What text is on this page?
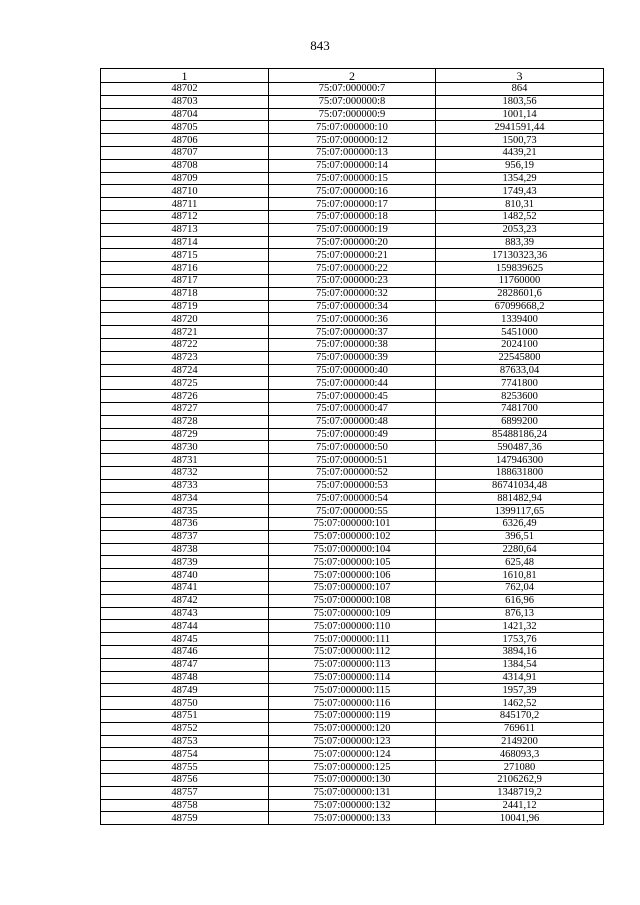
843
1	2	3
48702	75:07:000000:7	864
48703	75:07:000000:8	1803,56
48704	75:07:000000:9	1001,14
48705	75:07:000000:10	2941591,44
48706	75:07:000000:12	1500,73
48707	75:07:000000:13	4439,21
48708	75:07:000000:14	956,19
48709	75:07:000000:15	1354,29
48710	75:07:000000:16	1749,43
48711	75:07:000000:17	810,31
48712	75:07:000000:18	1482,52
48713	75:07:000000:19	2053,23
48714	75:07:000000:20	883,39
48715	75:07:000000:21	17130323,36
48716	75:07:000000:22	159839625
48717	75:07:000000:23	11760000
48718	75:07:000000:32	2828601,6
48719	75:07:000000:34	67099668,2
48720	75:07:000000:36	1339400
48721	75:07:000000:37	5451000
48722	75:07:000000:38	2024100
48723	75:07:000000:39	22545800
48724	75:07:000000:40	87633,04
48725	75:07:000000:44	7741800
48726	75:07:000000:45	8253600
48727	75:07:000000:47	7481700
48728	75:07:000000:48	6899200
48729	75:07:000000:49	85488186,24
48730	75:07:000000:50	590487,36
48731	75:07:000000:51	147946300
48732	75:07:000000:52	188631800
48733	75:07:000000:53	86741034,48
48734	75:07:000000:54	881482,94
48735	75:07:000000:55	1399117,65
48736	75:07:000000:101	6326,49
48737	75:07:000000:102	396,51
48738	75:07:000000:104	2280,64
48739	75:07:000000:105	625,48
48740	75:07:000000:106	1610,81
48741	75:07:000000:107	762,04
48742	75:07:000000:108	616,96
48743	75:07:000000:109	876,13
48744	75:07:000000:110	1421,32
48745	75:07:000000:111	1753,76
48746	75:07:000000:112	3894,16
48747	75:07:000000:113	1384,54
48748	75:07:000000:114	4314,91
48749	75:07:000000:115	1957,39
48750	75:07:000000:116	1462,52
48751	75:07:000000:119	845170,2
48752	75:07:000000:120	769611
48753	75:07:000000:123	2149200
48754	75:07:000000:124	468093,3
48755	75:07:000000:125	271080
48756	75:07:000000:130	2106262,9
48757	75:07:000000:131	1348719,2
48758	75:07:000000:132	2441,12
48759	75:07:000000:133	10041,96
